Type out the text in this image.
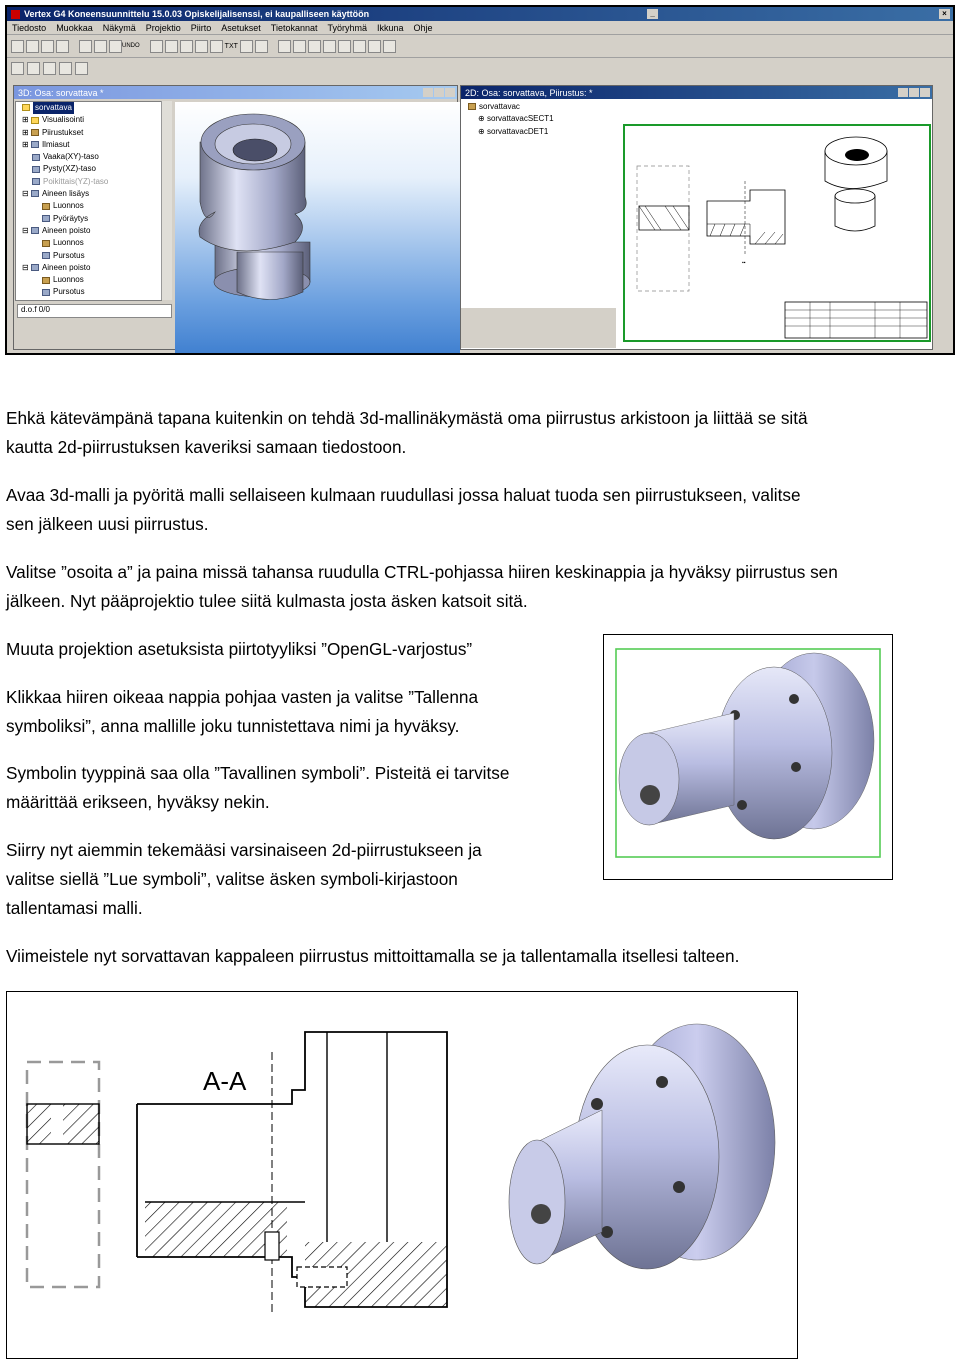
Vertex G4 Koneensuunnittelu 15.0.03 Opiskelijalisenssi, ei kaupalliseen käyttöön	_	×
Tiedosto	Muokkaa	Näkymä	Projektio	Piirto	Asetukset	Tietokannat	Työryhmä	Ikkuna	Ohje
UNDO	TXT
3D: Osa: sorvattava *
sorvattava
⊞ Visualisointi
⊞ Piirustukset
⊞ Ilmiasut
Vaaka(XY)-taso
Pysty(XZ)-taso
Poikittais(YZ)-taso
⊟ Aineen lisäys
Luonnos
Pyöräytys
⊟ Aineen poisto
Luonnos
Pursotus
⊟ Aineen poisto
Luonnos
Pursotus
d.o.f 0/0
2D: Osa: sorvattava, Piirustus: *
sorvattavac
⊕ sorvattavacSECT1
⊕ sorvattavacDET1
▪▪

Ehkä kätevämpänä tapana kuitenkin on tehdä 3d-mallinäkymästä oma piirrustus arkistoon ja liittää se sitä
kautta 2d-piirrustuksen kaveriksi samaan tiedostoon.

Avaa 3d-malli ja pyöritä malli sellaiseen kulmaan ruudullasi jossa haluat tuoda sen piirrustukseen, valitse
sen jälkeen uusi piirrustus.

Valitse ”osoita a” ja paina missä tahansa ruudulla CTRL-pohjassa hiiren keskinappia ja hyväksy piirrustus sen
jälkeen. Nyt pääprojektio tulee siitä kulmasta josta äsken katsoit sitä.

Muuta projektion asetuksista piirtotyyliksi ”OpenGL-varjostus”

Klikkaa hiiren oikeaa nappia pohjaa vasten ja valitse ”Tallenna
symboliksi”, anna mallille joku tunnistettava nimi ja hyväksy.

Symbolin tyyppinä saa olla ”Tavallinen symboli”. Pisteitä ei tarvitse
määrittää erikseen, hyväksy nekin.

Siirry nyt aiemmin tekemääsi varsinaiseen 2d-piirrustukseen ja
valitse siellä ”Lue symboli”, valitse äsken symboli-kirjastoon
tallentamasi malli.

Viimeistele nyt sorvattavan kappaleen piirrustus mittoittamalla se ja tallentamalla itsellesi talteen.

A-A
